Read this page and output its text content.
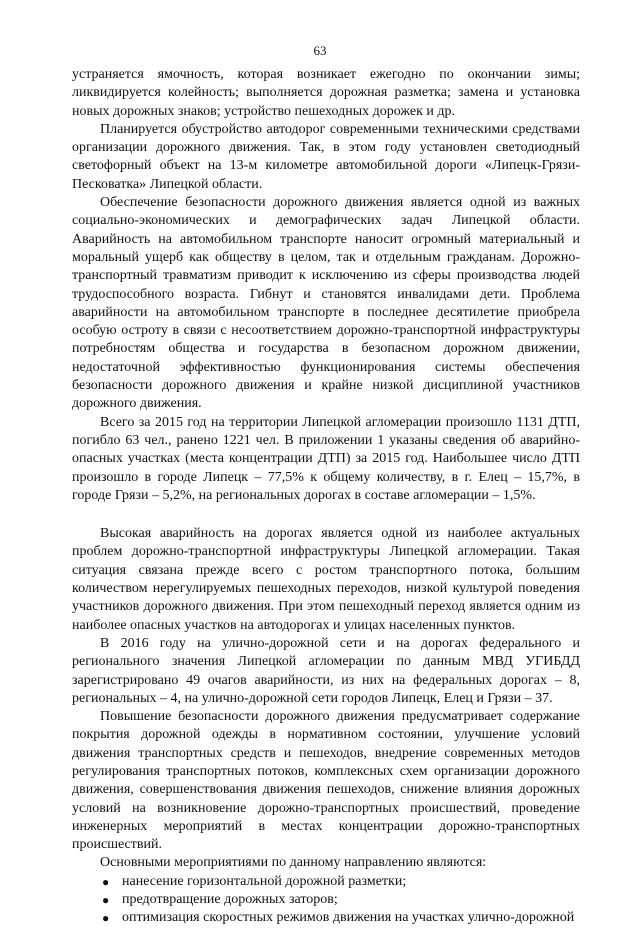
63

устраняется ямочность, которая возникает ежегодно по окончании зимы; ликвидируется колейность; выполняется дорожная разметка; замена и установка новых дорожных знаков; устройство пешеходных дорожек и др.

Планируется обустройство автодорог современными техническими средствами организации дорожного движения. Так, в этом году установлен светодиодный светофорный объект на 13-м километре автомобильной дороги «Липецк-Грязи-Песковатка» Липецкой области.

Обеспечение безопасности дорожного движения является одной из важных социально-экономических и демографических задач Липецкой области. Аварийность на автомобильном транспорте наносит огромный материальный и моральный ущерб как обществу в целом, так и отдельным гражданам. Дорожно-транспортный травматизм приводит к исключению из сферы производства людей трудоспособного возраста. Гибнут и становятся инвалидами дети. Проблема аварийности на автомобильном транспорте в последнее десятилетие приобрела особую остроту в связи с несоответствием дорожно-транспортной инфраструктуры потребностям общества и государства в безопасном дорожном движении, недостаточной эффективностью функционирования системы обеспечения безопасности дорожного движения и крайне низкой дисциплиной участников дорожного движения.

Всего за 2015 год на территории Липецкой агломерации произошло 1131 ДТП, погибло 63 чел., ранено 1221 чел. В приложении 1 указаны сведения об аварийно-опасных участках (места концентрации ДТП) за 2015 год. Наибольшее число ДТП произошло в городе Липецк – 77,5% к общему количеству, в г. Елец – 15,7%, в городе Грязи – 5,2%, на региональных дорогах в составе агломерации – 1,5%.

Высокая аварийность на дорогах является одной из наиболее актуальных проблем дорожно-транспортной инфраструктуры Липецкой агломерации. Такая ситуация связана прежде всего с ростом транспортного потока, большим количеством нерегулируемых пешеходных переходов, низкой культурой поведения участников дорожного движения. При этом пешеходный переход является одним из наиболее опасных участков на автодорогах и улицах населенных пунктов.

В 2016 году на улично-дорожной сети и на дорогах федерального и регионального значения Липецкой агломерации по данным МВД УГИБДД зарегистрировано 49 очагов аварийности, из них на федеральных дорогах – 8, региональных – 4, на улично-дорожной сети городов Липецк, Елец и Грязи – 37.

Повышение безопасности дорожного движения предусматривает содержание покрытия дорожной одежды в нормативном состоянии, улучшение условий движения транспортных средств и пешеходов, внедрение современных методов регулирования транспортных потоков, комплексных схем организации дорожного движения, совершенствования движения пешеходов, снижение влияния дорожных условий на возникновение дорожно-транспортных происшествий, проведение инженерных мероприятий в местах концентрации дорожно-транспортных происшествий.

Основными мероприятиями по данному направлению являются:

● нанесение горизонтальной дорожной разметки;
● предотвращение дорожных заторов;
● оптимизация скоростных режимов движения на участках улично-дорожной
